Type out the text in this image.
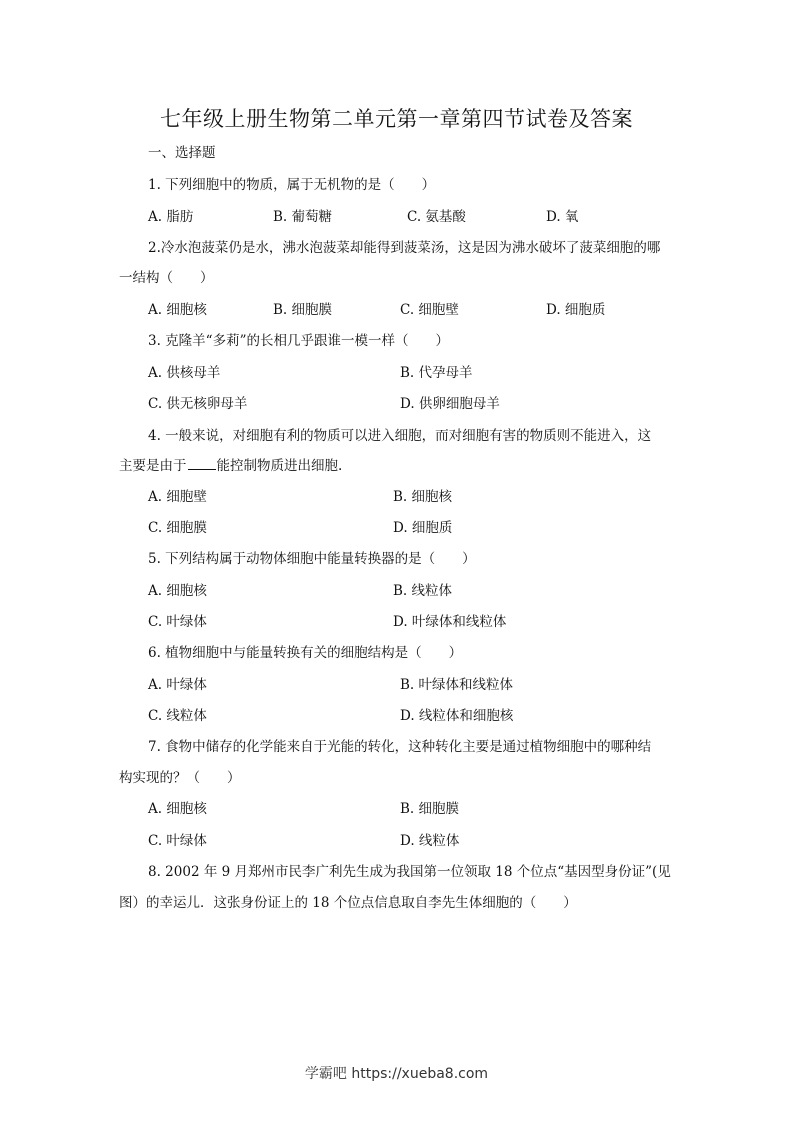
七年级上册生物第二单元第一章第四节试卷及答案
一、选择题
1. 下列细胞中的物质，属于无机物的是（　　）
A. 脂肪	B. 葡萄糖	C. 氨基酸	D. 氧
2.冷水泡菠菜仍是水，沸水泡菠菜却能得到菠菜汤，这是因为沸水破坏了菠菜细胞的哪
一结构（　　）
A. 细胞核	B. 细胞膜	C. 细胞壁	D. 细胞质
3. 克隆羊“多莉”的长相几乎跟谁一模一样（　　）
A. 供核母羊	B. 代孕母羊
C. 供无核卵母羊	D. 供卵细胞母羊
4. 一般来说，对细胞有利的物质可以进入细胞，而对细胞有害的物质则不能进入，这
主要是由于 能控制物质进出细胞.
A. 细胞壁	B. 细胞核
C. 细胞膜	D. 细胞质
5. 下列结构属于动物体细胞中能量转换器的是（　　）
A. 细胞核	B. 线粒体
C. 叶绿体	D. 叶绿体和线粒体
6. 植物细胞中与能量转换有关的细胞结构是（　　）
A. 叶绿体	B. 叶绿体和线粒体
C. 线粒体	D. 线粒体和细胞核
7. 食物中储存的化学能来自于光能的转化，这种转化主要是通过植物细胞中的哪种结
构实现的？（　　）
A. 细胞核	B. 细胞膜
C. 叶绿体	D. 线粒体
8. 2002 年 9 月郑州市民李广利先生成为我国第一位领取 18 个位点“基因型身份证”(见
图）的幸运儿．这张身份证上的 18 个位点信息取自李先生体细胞的（　　）
学霸吧 https://xueba8.com
